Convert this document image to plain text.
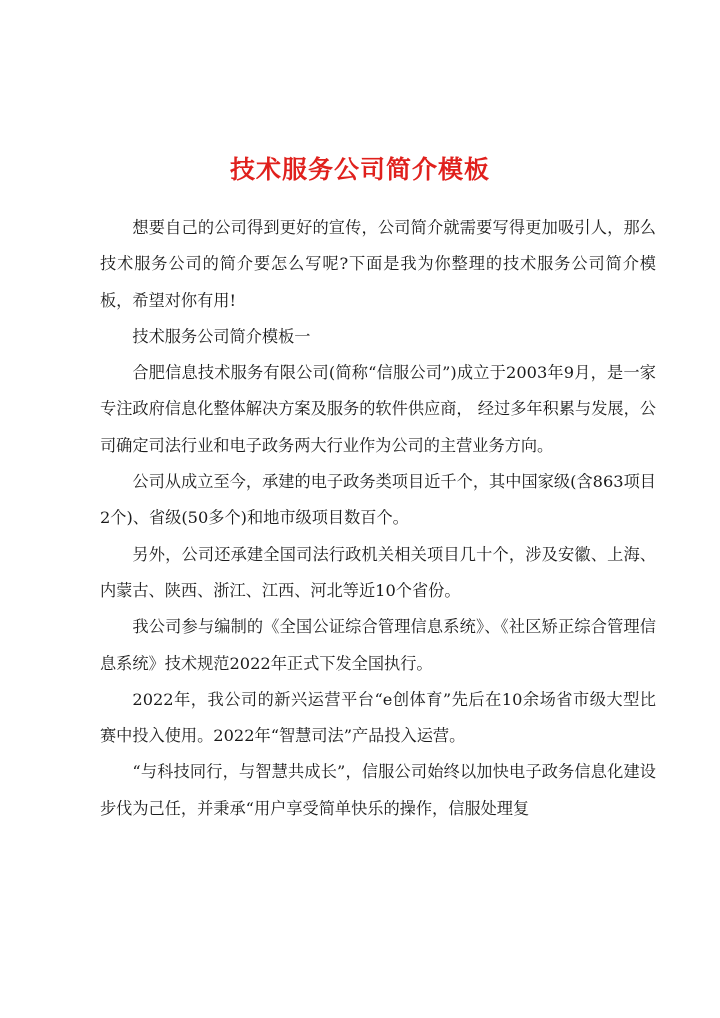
技术服务公司简介模板

想要自己的公司得到更好的宣传，公司简介就需要写得更加吸引人，那么技术服务公司的简介要怎么写呢?下面是我为你整理的技术服务公司简介模板，希望对你有用!

技术服务公司简介模板一

合肥信息技术服务有限公司(简称“信服公司”)成立于2003年9月，是一家专注政府信息化整体解决方案及服务的软件供应商， 经过多年积累与发展，公司确定司法行业和电子政务两大行业作为公司的主营业务方向。

公司从成立至今，承建的电子政务类项目近千个，其中国家级(含863项目2个)、省级(50多个)和地市级项目数百个。

另外，公司还承建全国司法行政机关相关项目几十个，涉及安徽、上海、内蒙古、陕西、浙江、江西、河北等近10个省份。

我公司参与编制的《全国公证综合管理信息系统》、《社区矫正综合管理信息系统》技术规范2022年正式下发全国执行。

2022年，我公司的新兴运营平台“e创体育”先后在10余场省市级大型比赛中投入使用。2022年“智慧司法”产品投入运营。

“与科技同行，与智慧共成长”，信服公司始终以加快电子政务信息化建设步伐为己任，并秉承“用户享受简单快乐的操作，信服处理复
